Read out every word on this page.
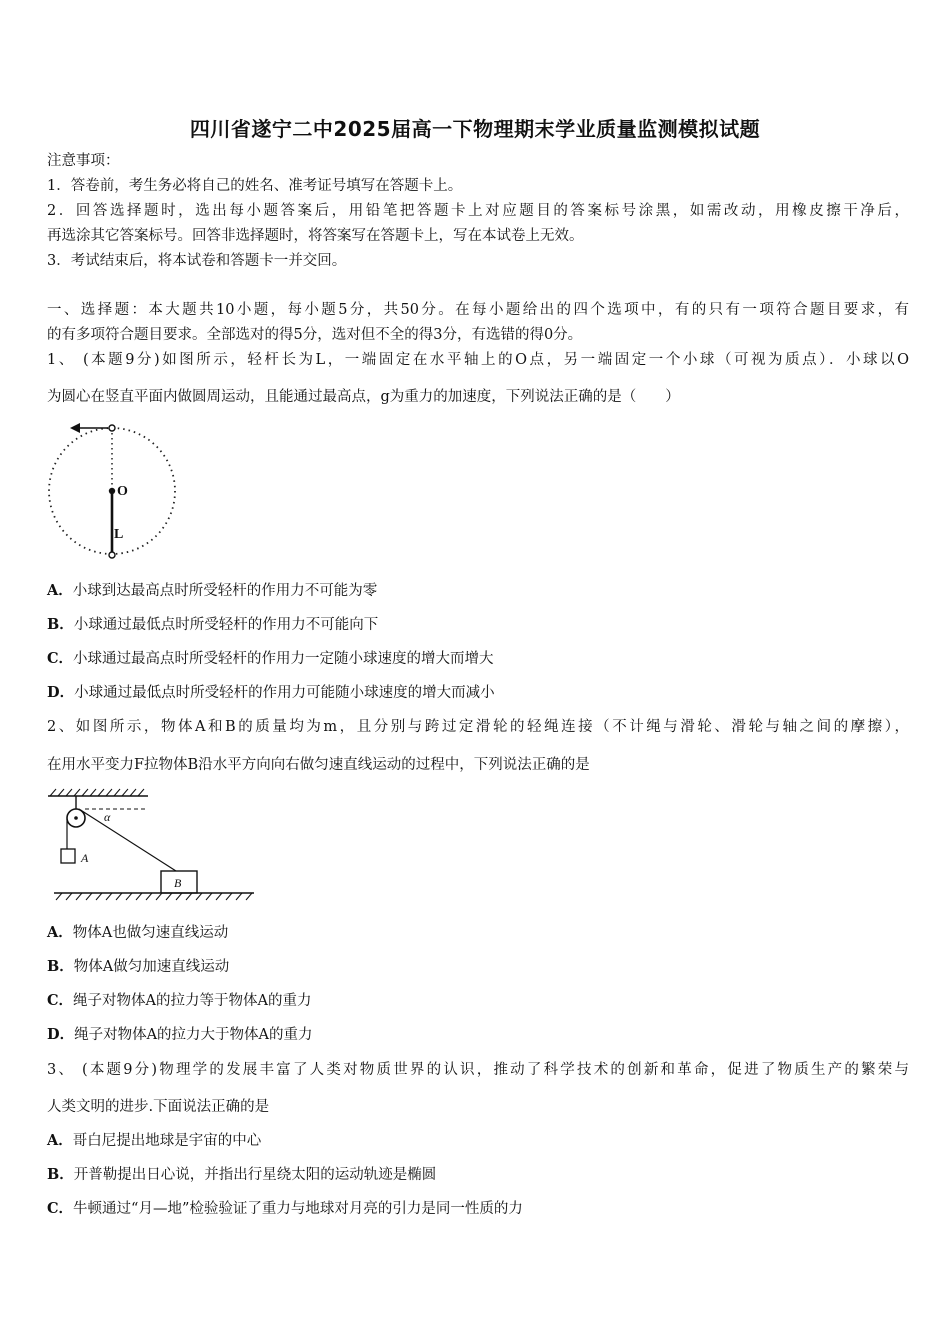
四川省遂宁二中2025届高一下物理期末学业质量监测模拟试题
注意事项：
1．答卷前，考生务必将自己的姓名、准考证号填写在答题卡上。
2．回答选择题时，选出每小题答案后，用铅笔把答题卡上对应题目的答案标号涂黑，如需改动，用橡皮擦干净后，
再选涂其它答案标号。回答非选择题时，将答案写在答题卡上，写在本试卷上无效。
3．考试结束后，将本试卷和答题卡一并交回。
一、选择题：本大题共10小题，每小题5分，共50分。在每小题给出的四个选项中，有的只有一项符合题目要求，有
的有多项符合题目要求。全部选对的得5分，选对但不全的得3分，有选错的得0分。
1、 (本题9分)如图所示，轻杆长为L，一端固定在水平轴上的O点，另一端固定一个小球（可视为质点）．小球以O
为圆心在竖直平面内做圆周运动，且能通过最高点，g为重力的加速度，下列说法正确的是（　　）
O
L
A．小球到达最高点时所受轻杆的作用力不可能为零
B．小球通过最低点时所受轻杆的作用力不可能向下
C．小球通过最高点时所受轻杆的作用力一定随小球速度的增大而增大
D．小球通过最低点时所受轻杆的作用力可能随小球速度的增大而减小
2、如图所示，物体A和B的质量均为m，且分别与跨过定滑轮的轻绳连接（不计绳与滑轮、滑轮与轴之间的摩擦），
在用水平变力F拉物体B沿水平方向向右做匀速直线运动的过程中，下列说法正确的是
A
α
B
A．物体A也做匀速直线运动
B．物体A做匀加速直线运动
C．绳子对物体A的拉力等于物体A的重力
D．绳子对物体A的拉力大于物体A的重力
3、 (本题9分)物理学的发展丰富了人类对物质世界的认识，推动了科学技术的创新和革命，促进了物质生产的繁荣与
人类文明的进步.下面说法正确的是
A．哥白尼提出地球是宇宙的中心
B．开普勒提出日心说，并指出行星绕太阳的运动轨迹是椭圆
C．牛顿通过“月—地”检验验证了重力与地球对月亮的引力是同一性质的力
